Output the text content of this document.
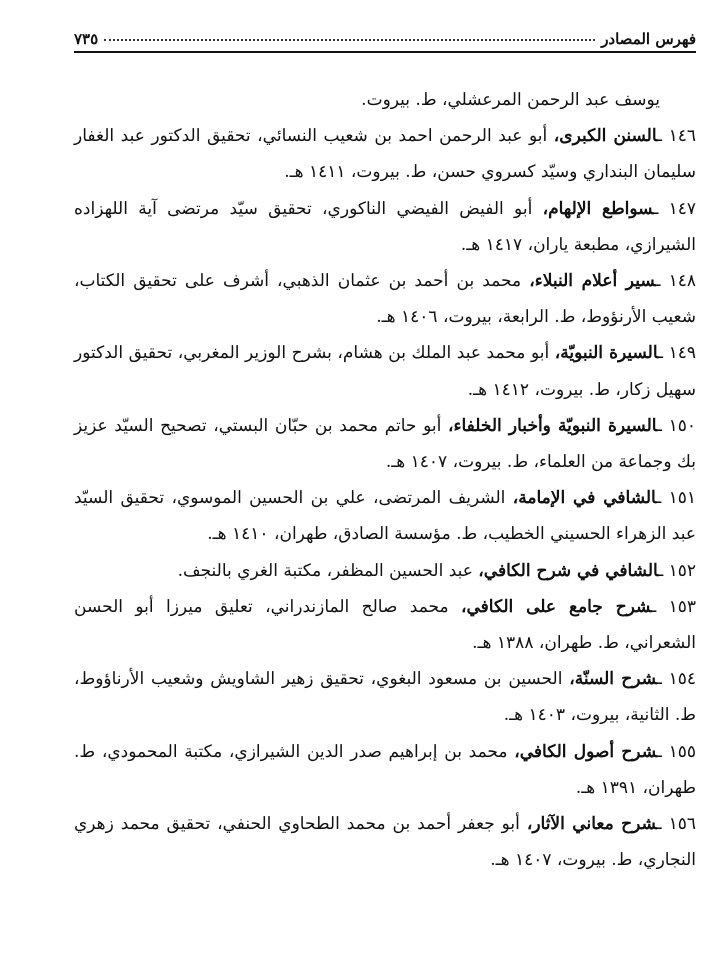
فهرس المصادر
٧٣٥

يوسف عبد الرحمن المرعشلي، ط. بيروت.

١٤٦ ـالسنن الكبرى، أبو عبد الرحمن احمد بن شعيب النسائي، تحقيق الدكتور عبد الغفار سليمان البنداري وسيّد كسروي حسن، ط. بيروت، ١٤١١ هـ.

١٤٧ ـسواطع الإلهام، أبو الفيض الفيضي الناكوري، تحقيق سيّد مرتضى آية اللهزاده الشيرازي، مطبعة ياران، ١٤١٧ هـ.

١٤٨ ـسير أعلام النبلاء، محمد بن أحمد بن عثمان الذهبي، أشرف على تحقيق الكتاب، شعيب الأرنؤوط، ط. الرابعة، بيروت، ١٤٠٦ هـ.

١٤٩ ـالسيرة النبويّة، أبو محمد عبد الملك بن هشام، بشرح الوزير المغربي، تحقيق الدكتور سهيل زكار، ط. بيروت، ١٤١٢ هـ.

١٥٠ ـالسيرة النبويّة وأخبار الخلفاء، أبو حاتم محمد بن حبّان البستي، تصحيح السيّد عزيز بك وجماعة من العلماء، ط. بيروت، ١٤٠٧ هـ.

١٥١ ـالشافي في الإمامة، الشريف المرتضى، علي بن الحسين الموسوي، تحقيق السيّد عبد الزهراء الحسيني الخطيب، ط. مؤسسة الصادق، طهران، ١٤١٠ هـ.

١٥٢ ـالشافي في شرح الكافي، عبد الحسين المظفر، مكتبة الغري بالنجف.

١٥٣ ـشرح جامع على الكافي، محمد صالح المازندراني، تعليق ميرزا أبو الحسن الشعراني، ط. طهران، ١٣٨٨ هـ.

١٥٤ ـشرح السنّة، الحسين بن مسعود البغوي، تحقيق زهير الشاويش وشعيب الأرناؤوط، ط. الثانية، بيروت، ١٤٠٣ هـ.

١٥٥ ـشرح أصول الكافي، محمد بن إبراهيم صدر الدين الشيرازي، مكتبة المحمودي، ط. طهران، ١٣٩١ هـ.

١٥٦ ـشرح معاني الآثار، أبو جعفر أحمد بن محمد الطحاوي الحنفي، تحقيق محمد زهري النجاري، ط. بيروت، ١٤٠٧ هـ.
